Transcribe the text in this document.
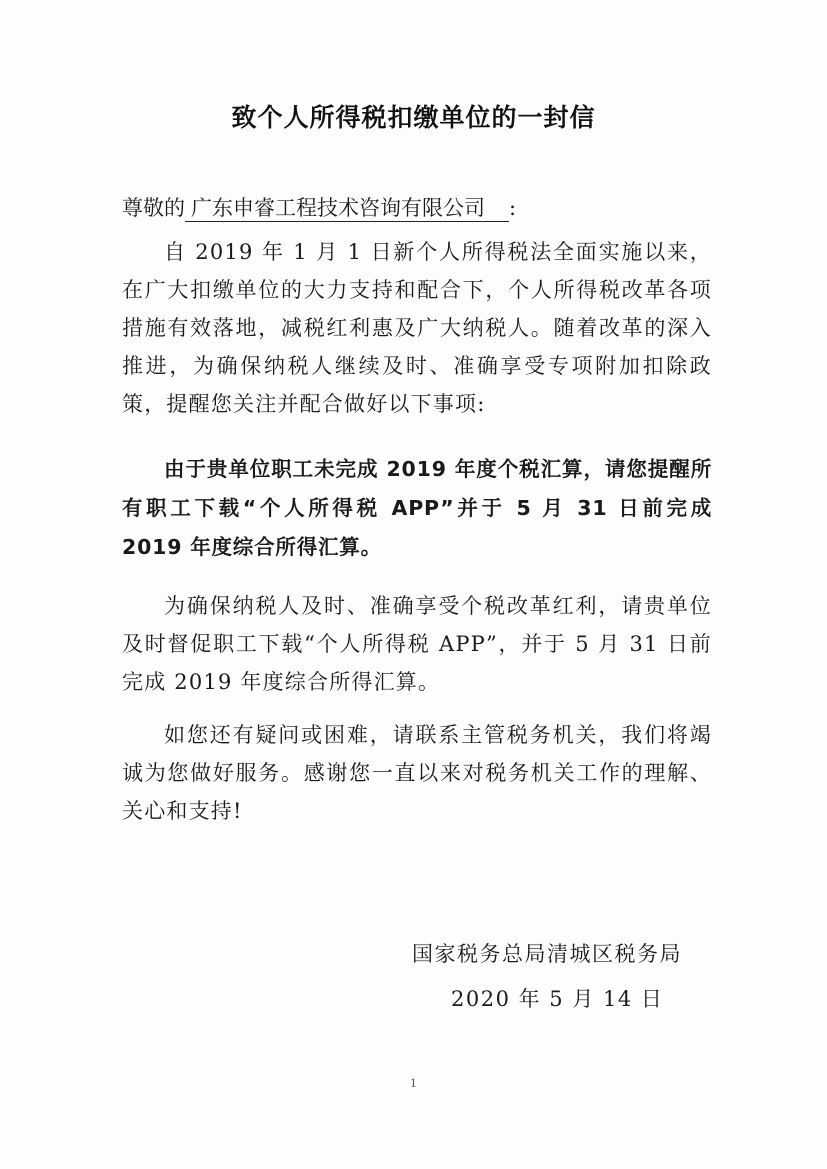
致个人所得税扣缴单位的一封信
尊敬的 广东申睿工程技术咨询有限公司 :

自 2019 年 1 月 1 日新个人所得税法全面实施以来，在广大扣缴单位的大力支持和配合下，个人所得税改革各项措施有效落地，减税红利惠及广大纳税人。随着改革的深入推进，为确保纳税人继续及时、准确享受专项附加扣除政策，提醒您关注并配合做好以下事项:

由于贵单位职工未完成 2019 年度个税汇算，请您提醒所有职工下载“个人所得税 APP”并于 5 月 31 日前完成 2019 年度综合所得汇算。

为确保纳税人及时、准确享受个税改革红利，请贵单位及时督促职工下载“个人所得税 APP”，并于 5 月 31 日前完成 2019 年度综合所得汇算。

如您还有疑问或困难，请联系主管税务机关，我们将竭诚为您做好服务。感谢您一直以来对税务机关工作的理解、关心和支持!

国家税务总局清城区税务局
2020 年 5 月 14 日
1
